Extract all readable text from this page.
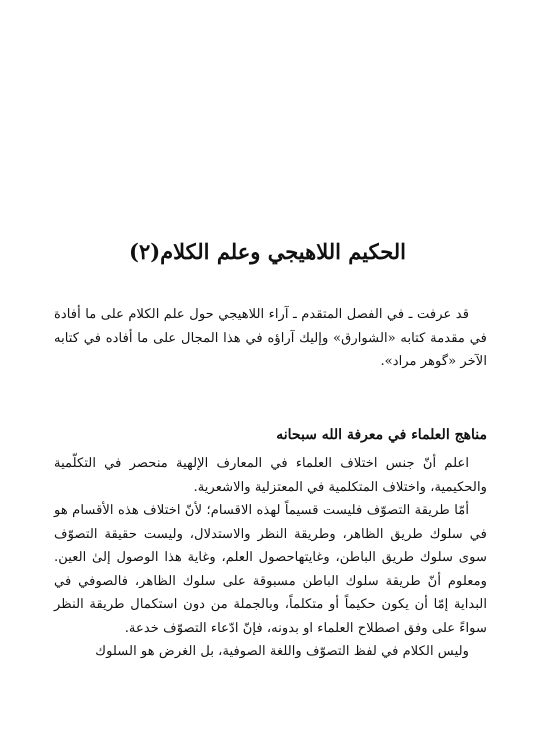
الحكيم اللاهيجي وعلم الكلام(٢)

قد عرفت ـ في الفصل المتقدم ـ آراء اللاهيجي حول علم الكلام على ما أفادة في مقدمة كتابه «الشوارق» وإليك آراؤه في هذا المجال على ما أفاده في كتابه الآخر «گوهر مراد».

مناهج العلماء في معرفة الله سبحانه

اعلم أنّ جنس اختلاف العلماء في المعارف الإلهية منحصر في التكلّمية والحكيمية، واختلاف المتكلمية في المعتزلية والاشعرية.

أمّا طريقة التصوّف فليست قسيماً لهذه الاقسام؛ لأنّ اختلاف هذه الأقسام هو في سلوك طريق الظاهر، وطريقة النظر والاستدلال، وليست حقيقة التصوّف سوى سلوك طريق الباطن، وغايتهاحصول العلم، وغاية هذا الوصول إلىٰ العين. ومعلوم أنّ طريقة سلوك الباطن مسبوقة على سلوك الظاهر، فالصوفي في البداية إمّا أن يكون حكيماً أو متكلماً، وبالجملة من دون استكمال طريقة النظر سواءً على وفق اصطلاح العلماء او بدونه، فإنّ ادّعاء التصوّف خدعة.

وليس الكلام في لفظ التصوّف واللغة الصوفية، بل الغرض هو السلوك
